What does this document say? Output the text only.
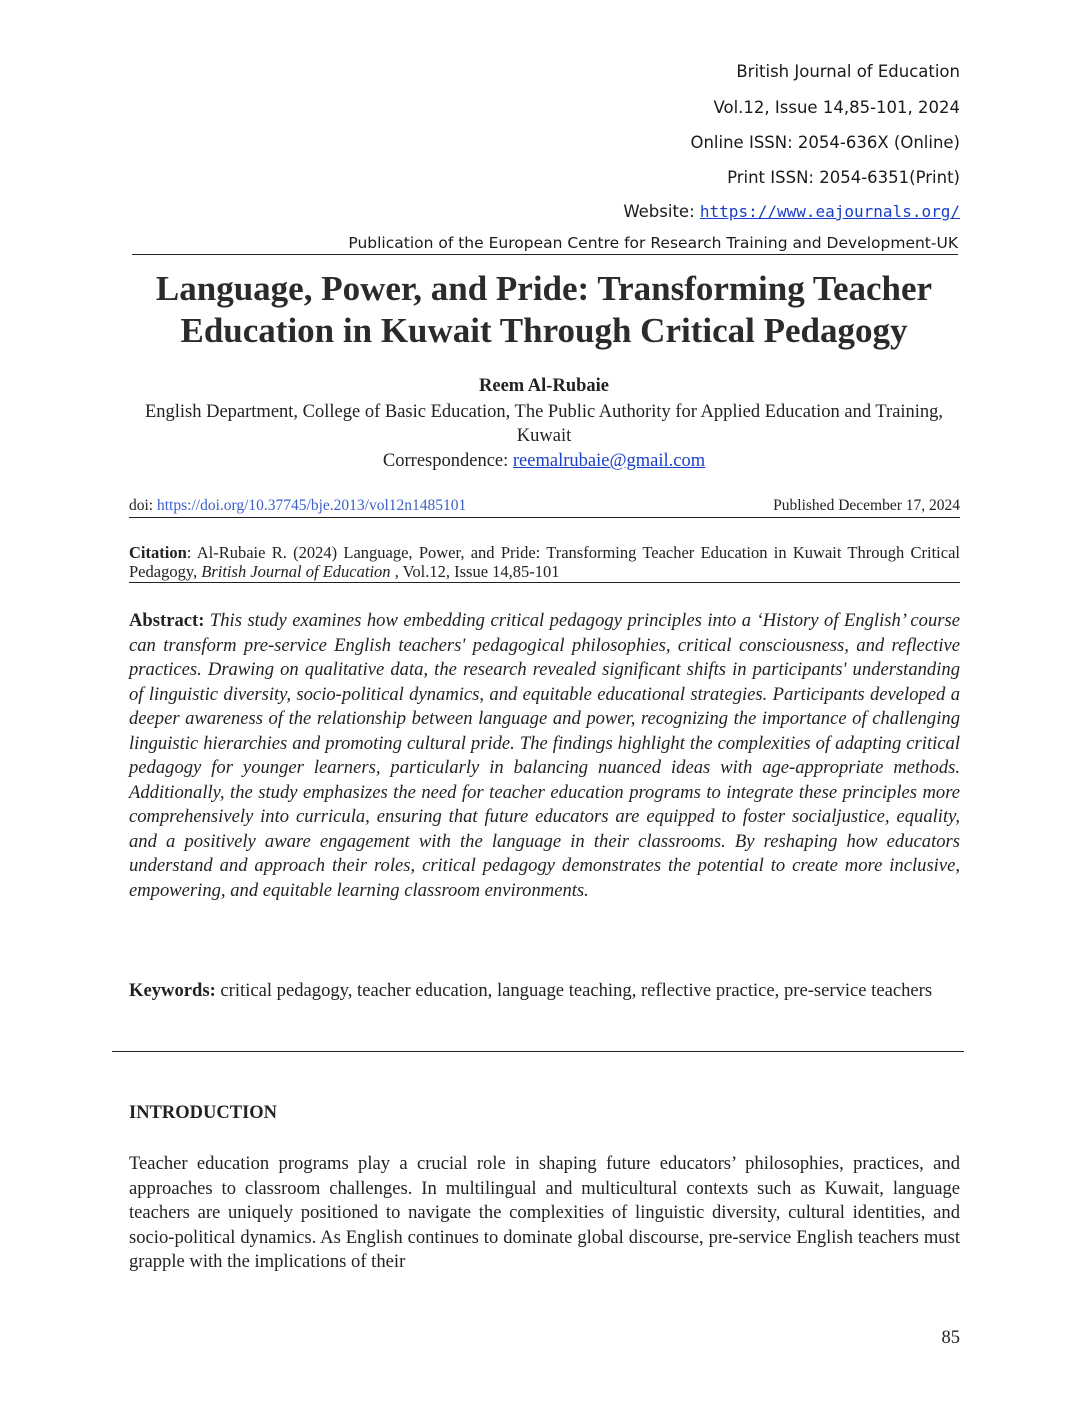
British Journal of Education
Vol.12, Issue 14,85-101, 2024
Online ISSN: 2054-636X (Online)
Print ISSN: 2054-6351(Print)
Website: https://www.eajournals.org/
Publication of the European Centre for Research Training and Development-UK
Language, Power, and Pride: Transforming Teacher Education in Kuwait Through Critical Pedagogy
Reem Al-Rubaie
English Department, College of Basic Education, The Public Authority for Applied Education and Training, Kuwait
Correspondence: reemalrubaie@gmail.com
doi: https://doi.org/10.37745/bje.2013/vol12n1485101	Published December 17, 2024
Citation: Al-Rubaie R. (2024) Language, Power, and Pride: Transforming Teacher Education in Kuwait Through Critical Pedagogy, British Journal of Education , Vol.12, Issue 14,85-101
Abstract: This study examines how embedding critical pedagogy principles into a ‘History of English’ course can transform pre-service English teachers' pedagogical philosophies, critical consciousness, and reflective practices. Drawing on qualitative data, the research revealed significant shifts in participants' understanding of linguistic diversity, socio-political dynamics, and equitable educational strategies. Participants developed a deeper awareness of the relationship between language and power, recognizing the importance of challenging linguistic hierarchies and promoting cultural pride. The findings highlight the complexities of adapting critical pedagogy for younger learners, particularly in balancing nuanced ideas with age-appropriate methods. Additionally, the study emphasizes the need for teacher education programs to integrate these principles more comprehensively into curricula, ensuring that future educators are equipped to foster socialjustice, equality, and a positively aware engagement with the language in their classrooms. By reshaping how educators understand and approach their roles, critical pedagogy demonstrates the potential to create more inclusive, empowering, and equitable learning classroom environments.
Keywords: critical pedagogy, teacher education, language teaching, reflective practice, pre-service teachers
INTRODUCTION
Teacher education programs play a crucial role in shaping future educators’ philosophies, practices, and approaches to classroom challenges. In multilingual and multicultural contexts such as Kuwait, language teachers are uniquely positioned to navigate the complexities of linguistic diversity, cultural identities, and socio-political dynamics. As English continues to dominate global discourse, pre-service English teachers must grapple with the implications of their
85
